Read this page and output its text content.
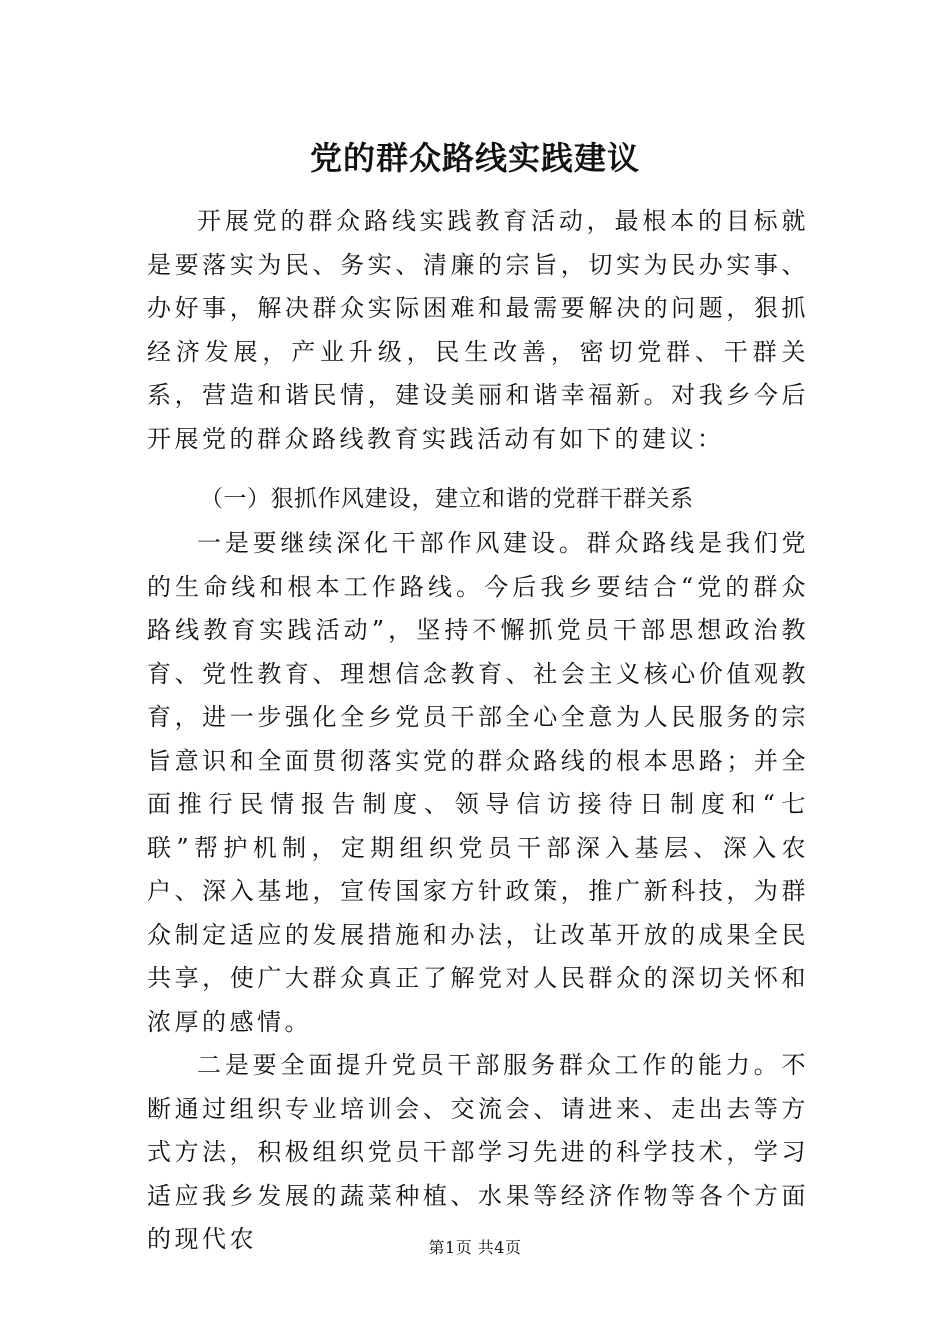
党的群众路线实践建议

开展党的群众路线实践教育活动，最根本的目标就是要落实为民、务实、清廉的宗旨，切实为民办实事、办好事，解决群众实际困难和最需要解决的问题，狠抓经济发展，产业升级，民生改善，密切党群、干群关系，营造和谐民情，建设美丽和谐幸福新。对我乡今后开展党的群众路线教育实践活动有如下的建议：

（一）狠抓作风建设，建立和谐的党群干群关系

一是要继续深化干部作风建设。群众路线是我们党的生命线和根本工作路线。今后我乡要结合“党的群众路线教育实践活动”，坚持不懈抓党员干部思想政治教育、党性教育、理想信念教育、社会主义核心价值观教育，进一步强化全乡党员干部全心全意为人民服务的宗旨意识和全面贯彻落实党的群众路线的根本思路；并全面推行民情报告制度、领导信访接待日制度和“七联”帮护机制，定期组织党员干部深入基层、深入农户、深入基地，宣传国家方针政策，推广新科技，为群众制定适应的发展措施和办法，让改革开放的成果全民共享，使广大群众真正了解党对人民群众的深切关怀和浓厚的感情。

二是要全面提升党员干部服务群众工作的能力。不断通过组织专业培训会、交流会、请进来、走出去等方式方法，积极组织党员干部学习先进的科学技术，学习适应我乡发展的蔬菜种植、水果等经济作物等各个方面的现代农	第1页 共4页
